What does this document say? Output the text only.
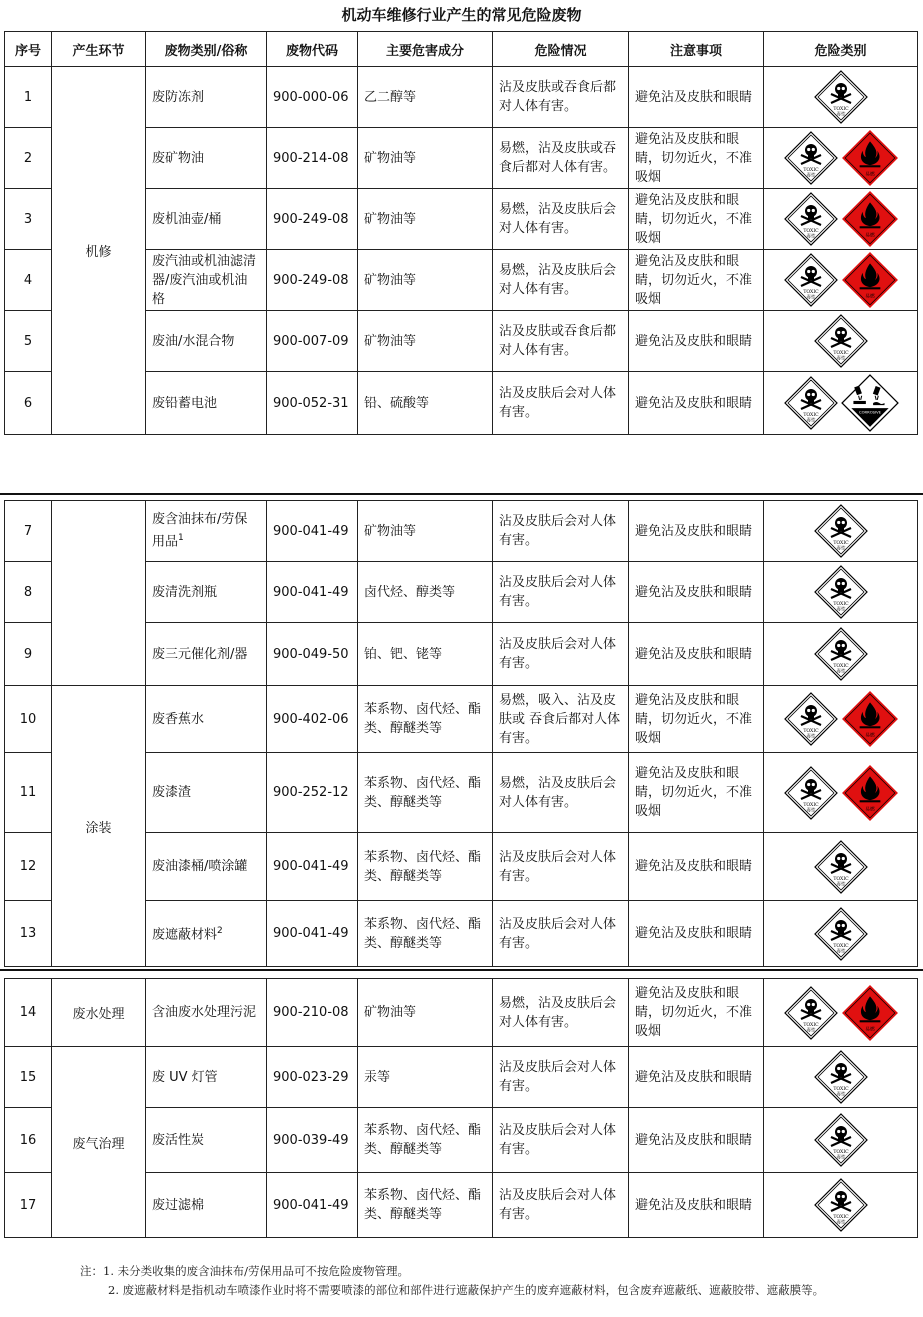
机动车维修行业产生的常见危险废物
序号	产生环节	废物类别/俗称	废物代码	主要危害成分	危险情况	注意事项	危险类别
1	机修	废防冻剂	900-000-06	乙二醇等	沾及皮肤或吞食后都对人体有害。	避免沾及皮肤和眼睛	TOXIC
毒性

2		废矿物油	900-214-08	矿物油等	易燃，沾及皮肤或吞食后都对人体有害。	避免沾及皮肤和眼睛，切勿近火，不准吸烟	TOXIC
毒性 易燃

3		废机油壶/桶	900-249-08	矿物油等	易燃，沾及皮肤后会对人体有害。	避免沾及皮肤和眼睛，切勿近火，不准吸烟	TOXIC
毒性 易燃

4		废汽油或机油滤清器/废汽油或机油格	900-249-08	矿物油等	易燃，沾及皮肤后会对人体有害。	避免沾及皮肤和眼睛，切勿近火，不准吸烟	TOXIC
毒性 易燃

5		废油/水混合物	900-007-09	矿物油等	沾及皮肤或吞食后都对人体有害。	避免沾及皮肤和眼睛	TOXIC
毒性

6		废铅蓄电池	900-052-31	铅、硫酸等	沾及皮肤后会对人体有害。	避免沾及皮肤和眼睛	TOXIC
毒性
CORROSIVE
7		废含油抹布/劳保用品$^1$	900-041-49	矿物油等	沾及皮肤后会对人体有害。	避免沾及皮肤和眼睛	TOXIC
毒性

8		废清洗剂瓶	900-041-49	卤代烃、醇类等	沾及皮肤后会对人体有害。	避免沾及皮肤和眼睛	TOXIC
毒性

9		废三元催化剂/器	900-049-50	铂、钯、铑等	沾及皮肤后会对人体有害。	避免沾及皮肤和眼睛	TOXIC
毒性

10	涂装	废香蕉水	900-402-06	苯系物、卤代烃、酯类、醇醚类等	易燃，吸入、沾及皮肤或 吞食后都对人体有害。	避免沾及皮肤和眼睛，切勿近火，不准吸烟	TOXIC
毒性 易燃

11		废漆渣	900-252-12	苯系物、卤代烃、酯类、醇醚类等	易燃，沾及皮肤后会对人体有害。	避免沾及皮肤和眼睛，切勿近火，不准吸烟	TOXIC
毒性 易燃

12		废油漆桶/喷涂罐	900-041-49	苯系物、卤代烃、酯类、醇醚类等	沾及皮肤后会对人体有害。	避免沾及皮肤和眼睛	TOXIC
毒性

13		废遮蔽材料$^2$	900-041-49	苯系物、卤代烃、酯类、醇醚类等	沾及皮肤后会对人体有害。	避免沾及皮肤和眼睛	TOXIC
毒性
14	废水处理	含油废水处理污泥	900-210-08	矿物油等	易燃，沾及皮肤后会对人体有害。	避免沾及皮肤和眼睛，切勿近火，不准吸烟	TOXIC
毒性 易燃

15	废气治理	废 UV 灯管	900-023-29	汞等	沾及皮肤后会对人体有害。	避免沾及皮肤和眼睛	TOXIC
毒性

16		废活性炭	900-039-49	苯系物、卤代烃、酯类、醇醚类等	沾及皮肤后会对人体有害。	避免沾及皮肤和眼睛	TOXIC
毒性

17		废过滤棉	900-041-49	苯系物、卤代烃、酯类、醇醚类等	沾及皮肤后会对人体有害。	避免沾及皮肤和眼睛	TOXIC
毒性
注：1. 未分类收集的废含油抹布/劳保用品可不按危险废物管理。
2. 废遮蔽材料是指机动车喷漆作业时将不需要喷漆的部位和部件进行遮蔽保护产生的废弃遮蔽材料，包含废弃遮蔽纸、遮蔽胶带、遮蔽膜等。
